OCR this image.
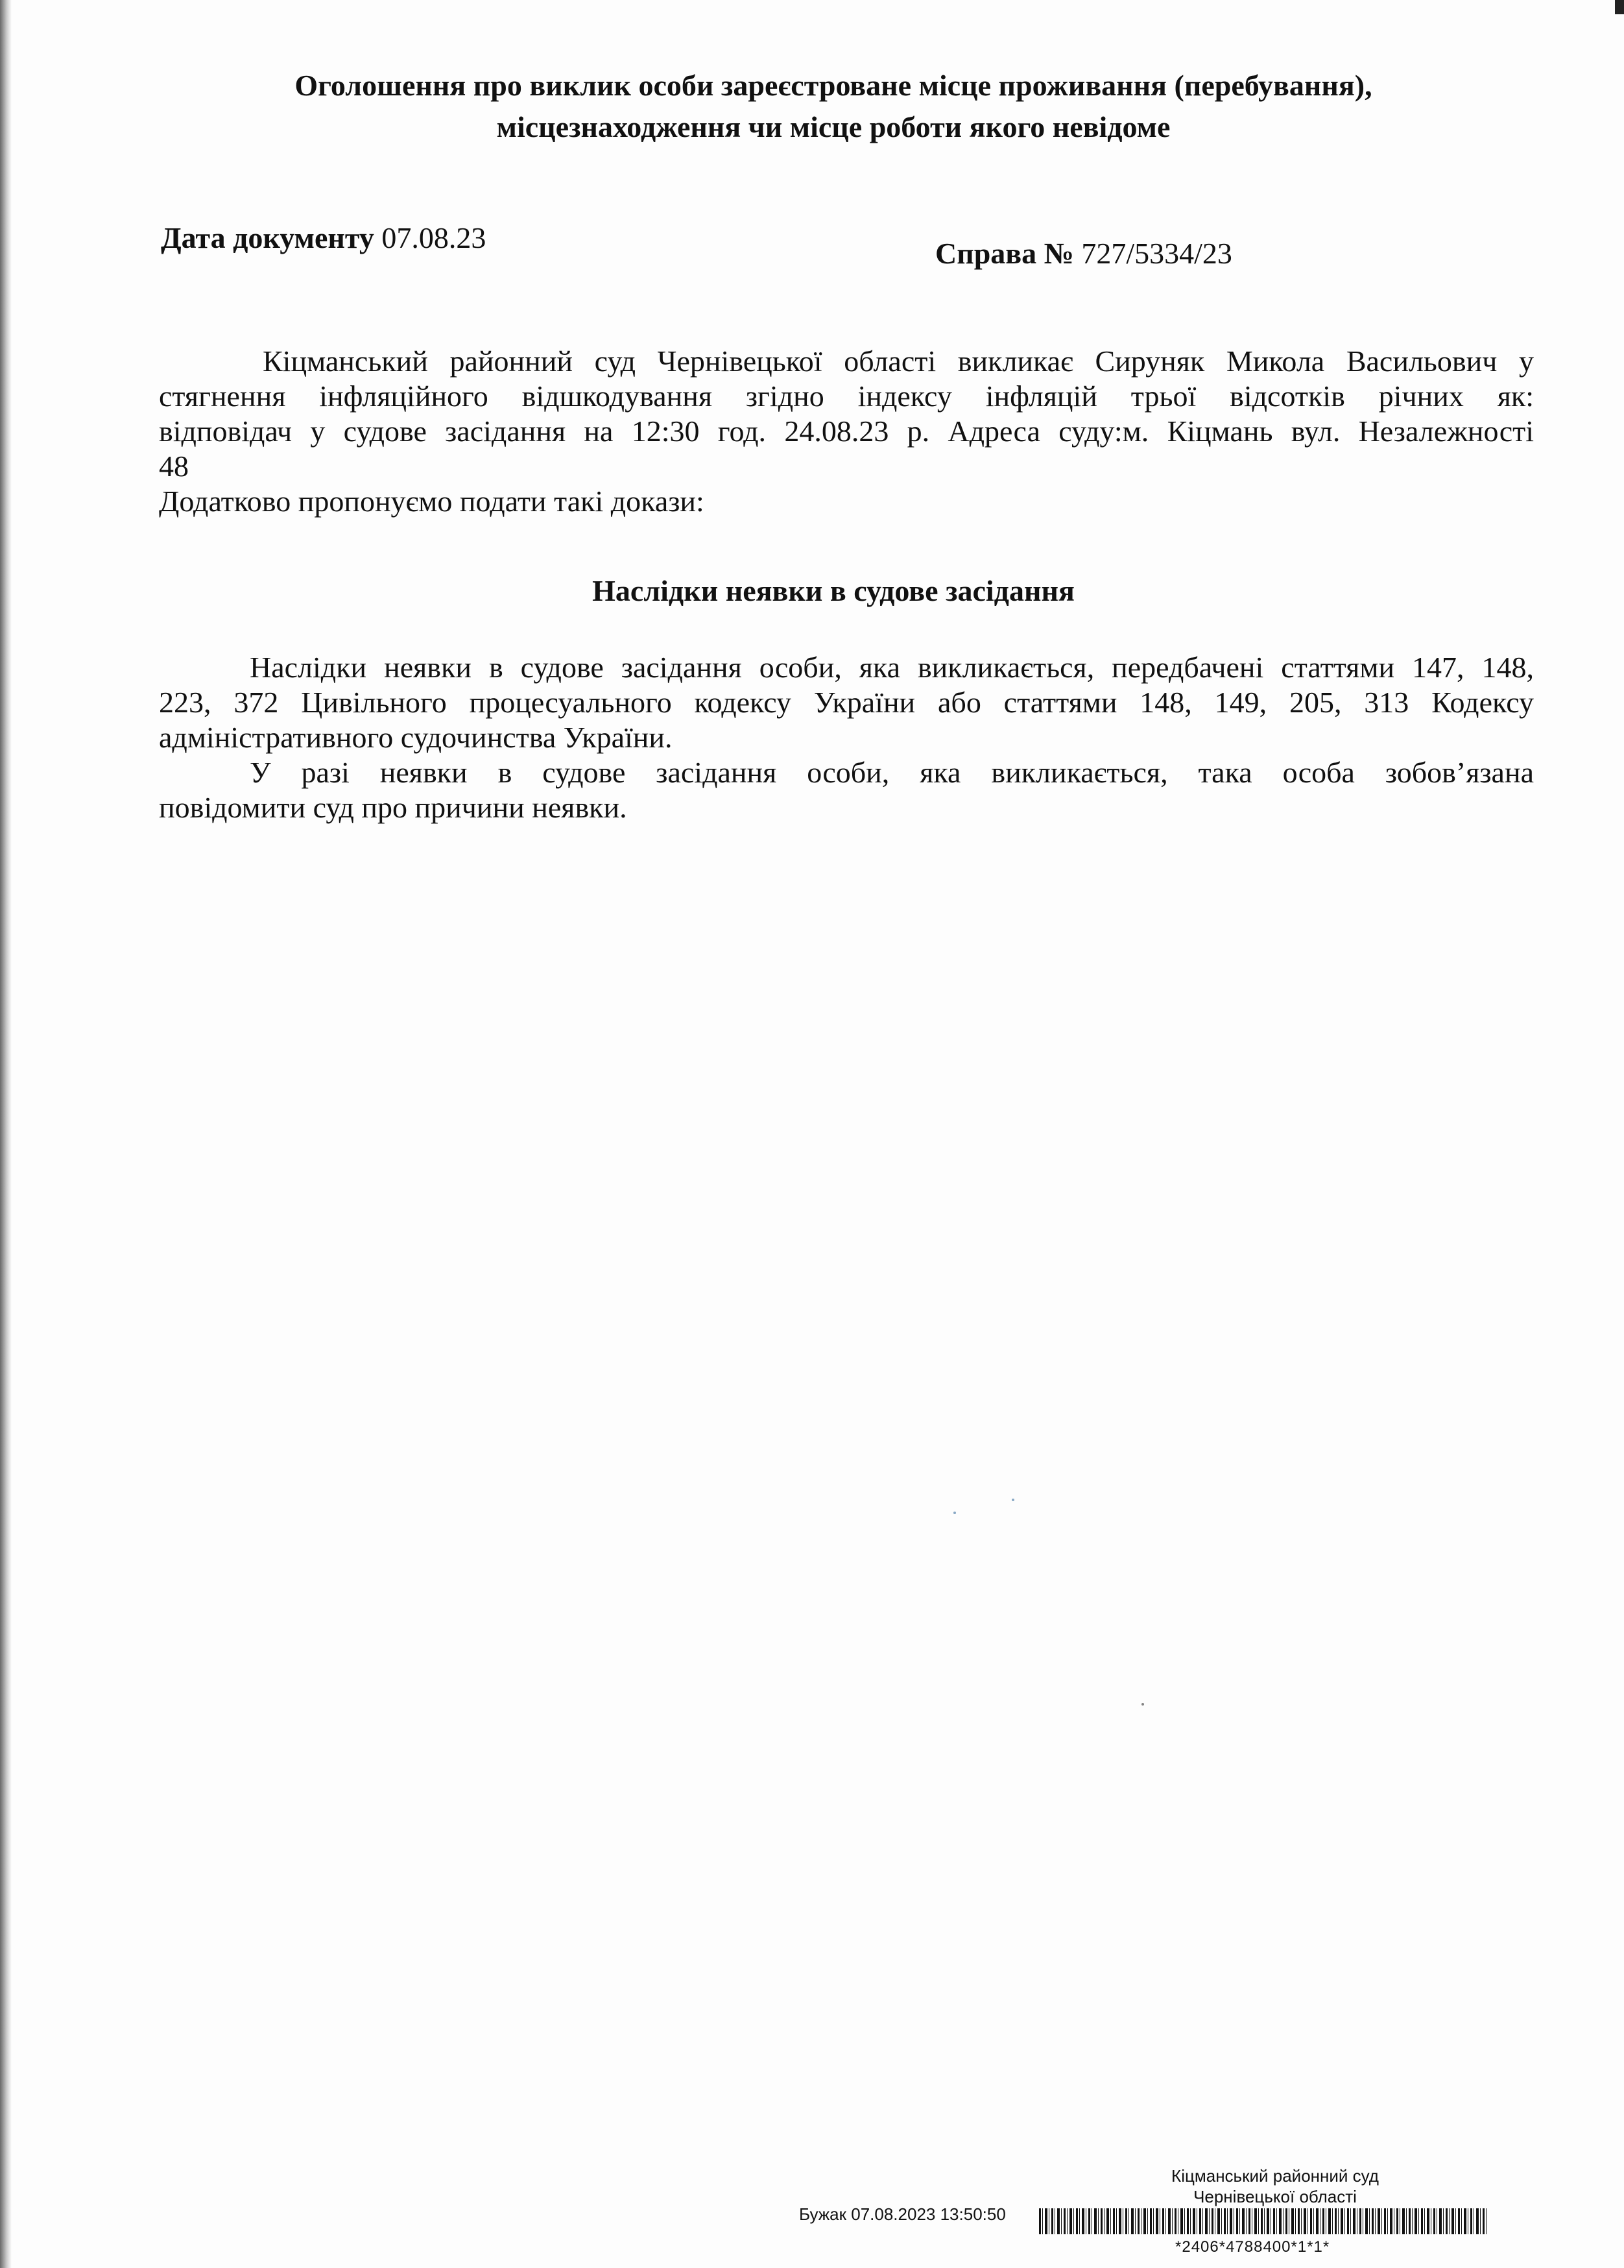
Оголошення про виклик особи зареєстроване місце проживання (перебування),
місцезнаходження чи місце роботи якого невідоме
Дата документу 07.08.23	Справа № 727/5334/23
Кіцманський районний суд Чернівецької області викликає Сируняк Микола Васильович у
стягнення інфляційного відшкодування згідно індексу інфляцій трьої відсотків річних як:
відповідач у судове засідання на 12:30 год. 24.08.23 р. Адреса суду:м. Кіцмань вул. Незалежності
48
Додатково пропонуємо подати такі докази:
Наслідки неявки в судове засідання
Наслідки неявки в судове засідання особи, яка викликається, передбачені статтями 147, 148,
223, 372 Цивільного процесуального кодексу України або статтями 148, 149, 205, 313 Кодексу
адміністративного судочинства України.
У разі неявки в судове засідання особи, яка викликається, така особа зобов’язана
повідомити суд про причини неявки.
Кіцманський районний суд
Чернівецької області
Бужак 07.08.2023 13:50:50
*2406*4788400*1*1*
